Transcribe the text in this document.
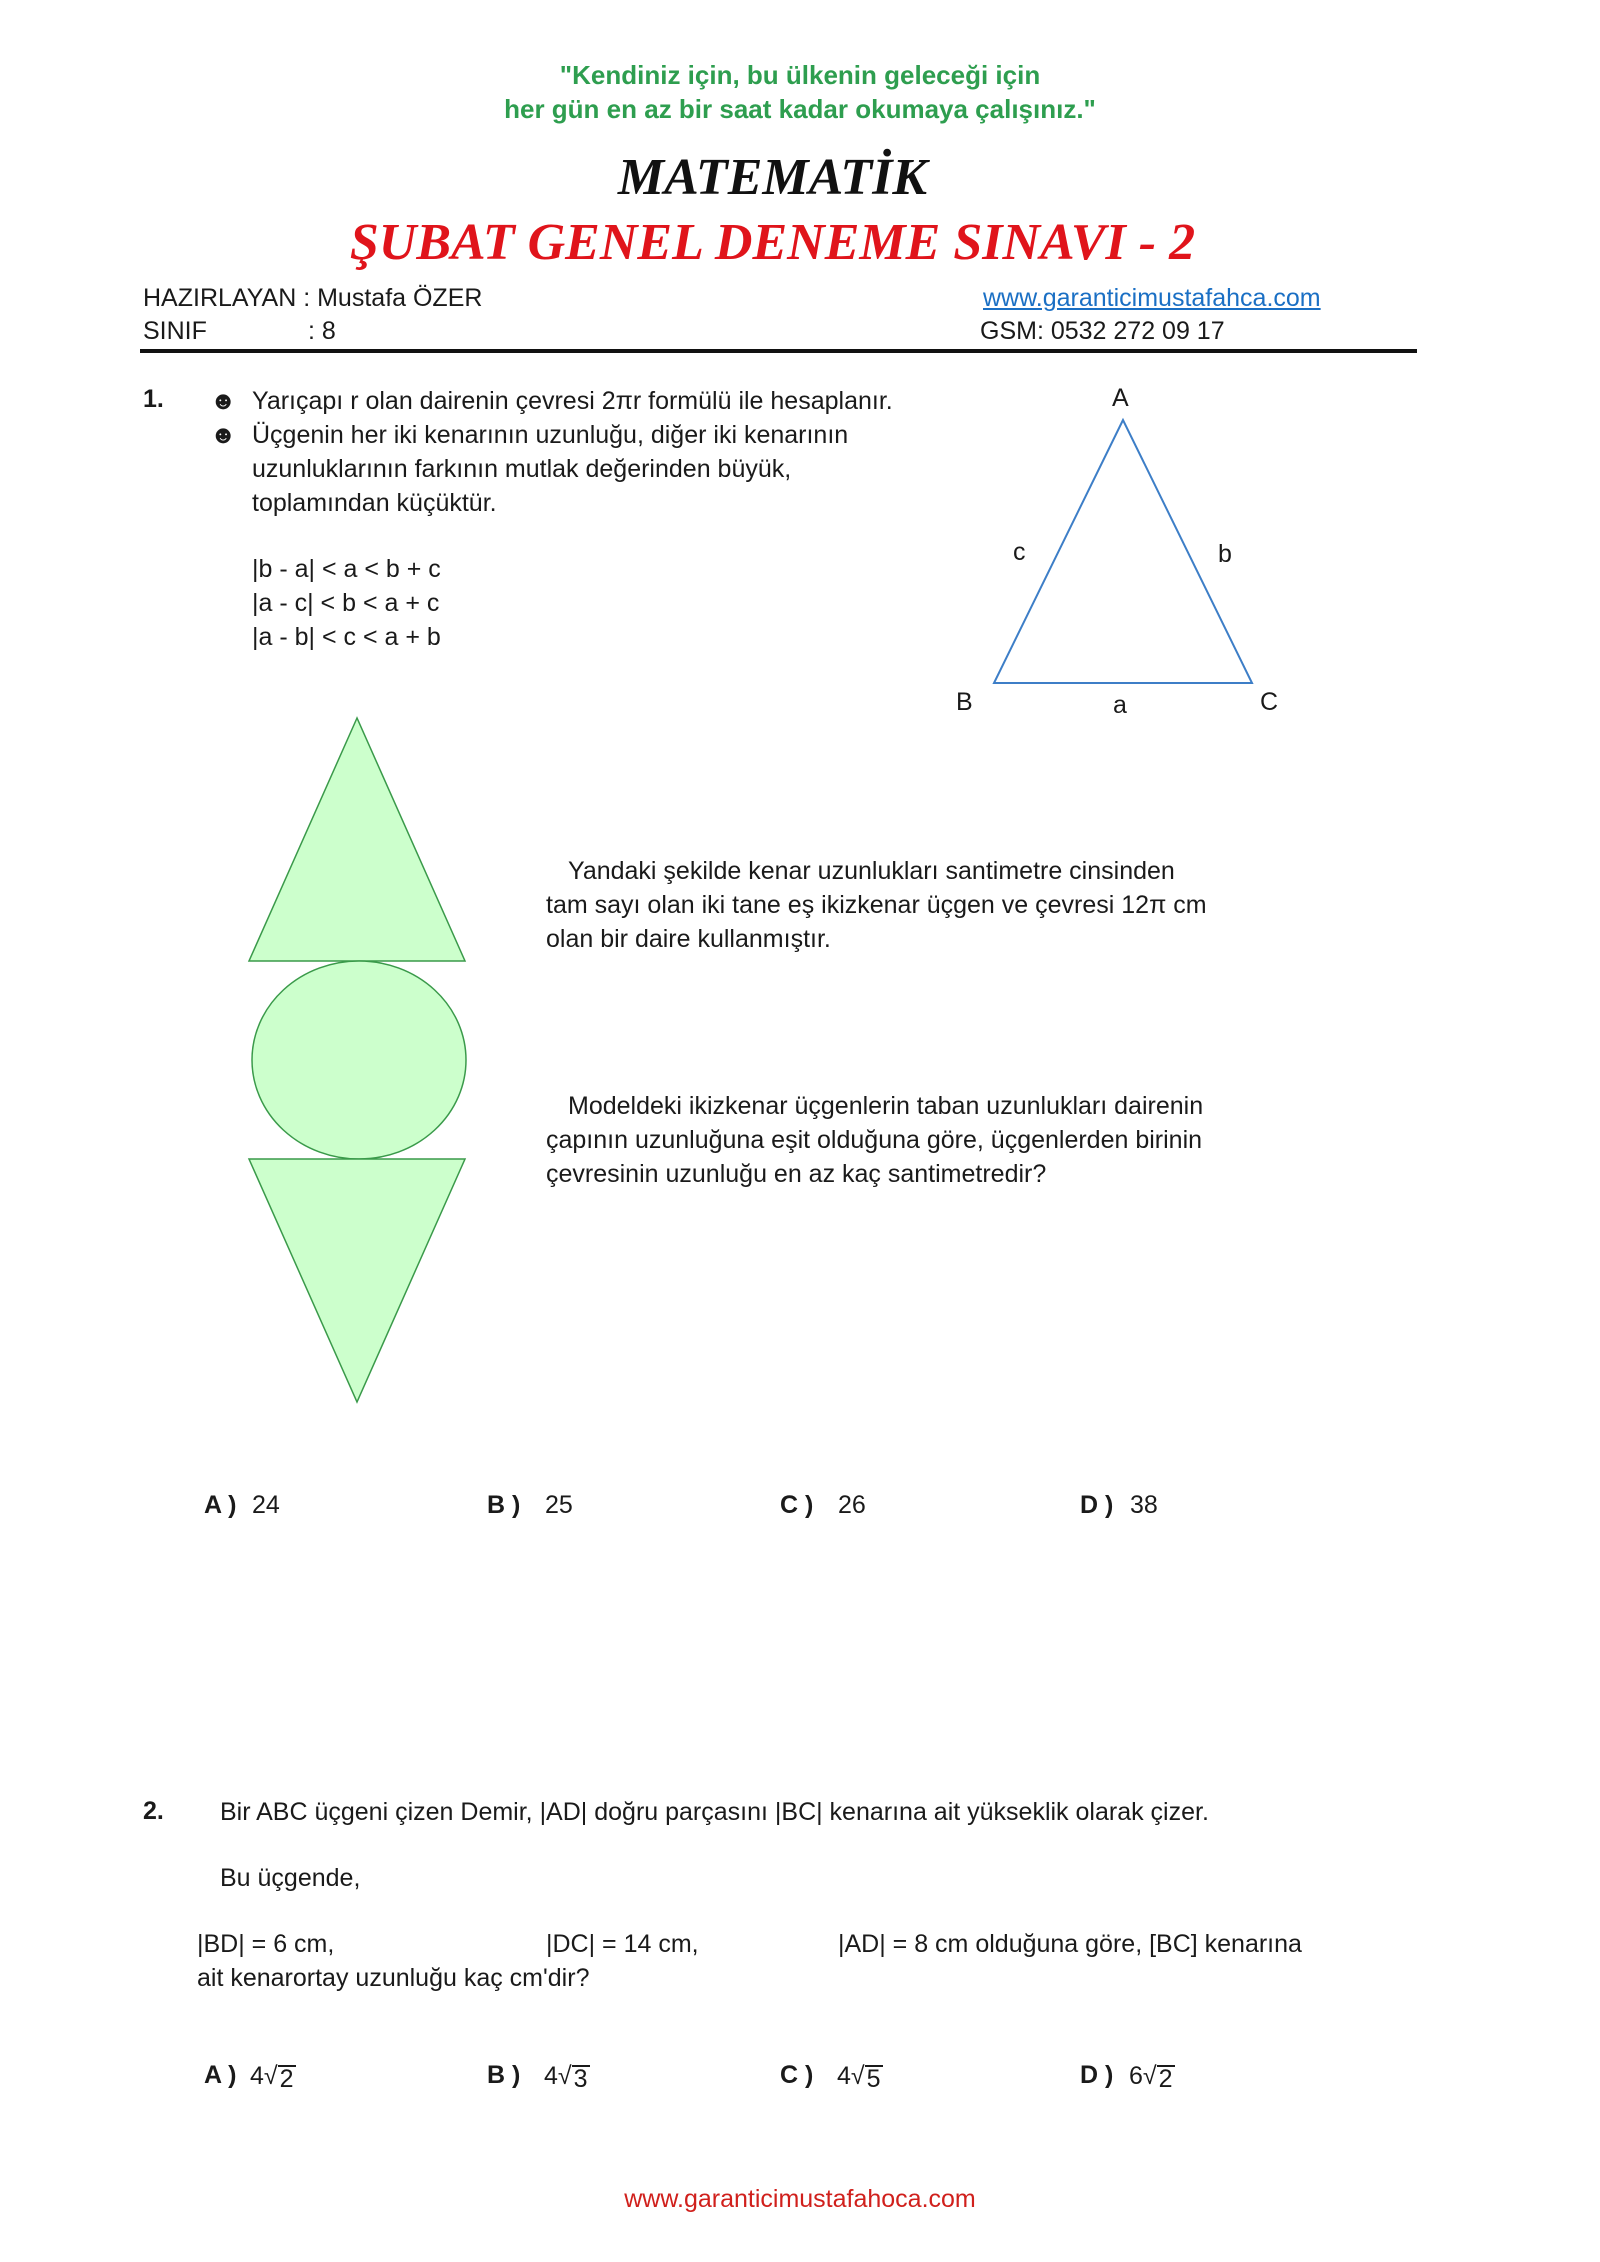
"Kendiniz için, bu ülkenin geleceği için
her gün en az bir saat kadar okumaya çalışınız."
MATEMATİK
ŞUBAT GENEL DENEME SINAVI - 2
HAZIRLAYAN : Mustafa ÖZER	www.garanticimustafahca.com
SINIF	: 8	GSM: 0532 272 09 17
1. ☻ Yarıçapı r olan dairenin çevresi 2πr formülü ile hesaplanır.
☻ Üçgenin her iki kenarının uzunluğu, diğer iki kenarının
uzunluklarının farkının mutlak değerinden büyük,
toplamından küçüktür.
|b - a| < a < b + c
|a - c| < b < a + c
|a - b| < c < a + b
A
B	C
a
b
c
Yandaki şekilde kenar uzunlukları santimetre cinsinden
tam sayı olan iki tane eş ikizkenar üçgen ve çevresi 12π cm
olan bir daire kullanmıştır.
Modeldeki ikizkenar üçgenlerin taban uzunlukları dairenin
çapının uzunluğuna eşit olduğuna göre, üçgenlerden birinin
çevresinin uzunluğu en az kaç santimetredir?
A ) 24	B ) 25	C ) 26	D ) 38
2. Bir ABC üçgeni çizen Demir, |AD| doğru parçasını |BC| kenarına ait yükseklik olarak çizer.
Bu üçgende,
|BD| = 6 cm,	|DC| = 14 cm,	|AD| = 8 cm olduğuna göre, [BC] kenarına
ait kenarortay uzunluğu kaç cm'dir?
A ) 4 √ 2	B ) 4 √ 3	C ) 4 √ 5	D ) 6 √ 2
www.garanticimustafahoca.com
